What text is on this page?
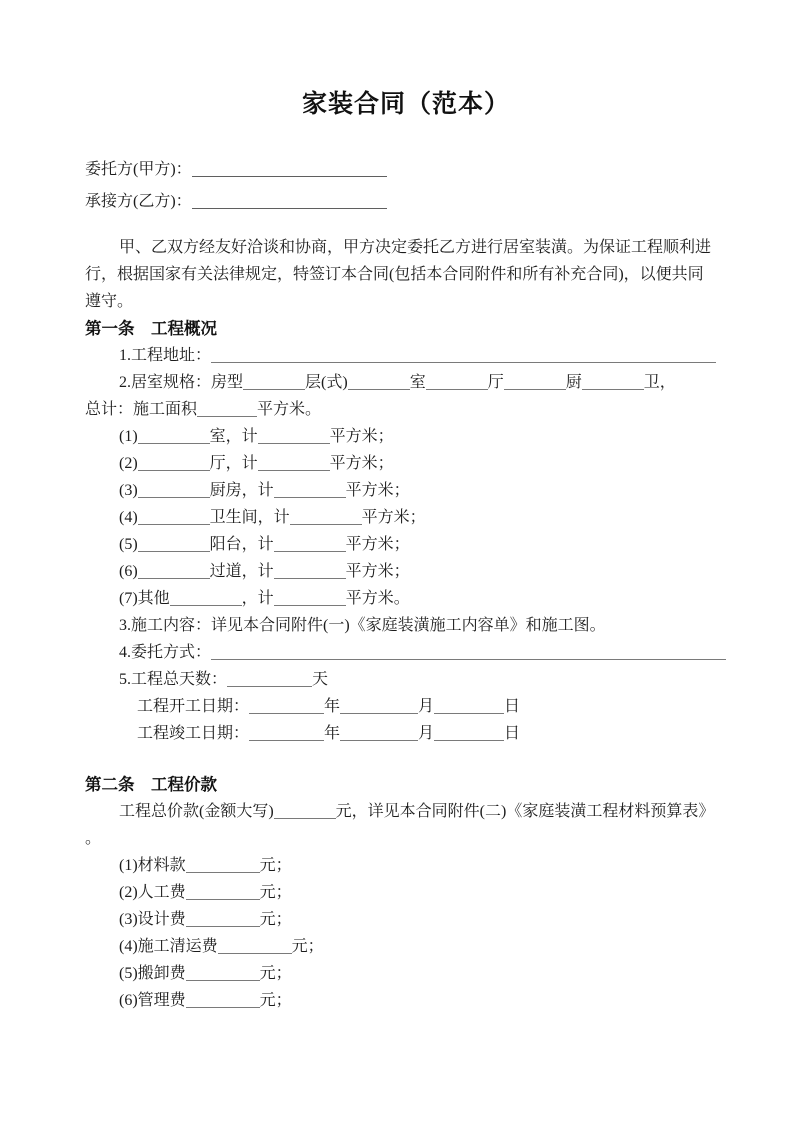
家装合同（范本）
委托方(甲方)：
承接方(乙方)：
甲、乙双方经友好洽谈和协商，甲方决定委托乙方进行居室装潢。为保证工程顺利进
行，根据国家有关法律规定，特签订本合同(包括本合同附件和所有补充合同)，以便共同
遵守。
第一条　工程概况
1.工程地址：
2.居室规格：房型	层(式)	室	厅	厨	卫，
总计：施工面积	平方米。
(1)	室，计	平方米；
(2)	厅，计	平方米；
(3)	厨房，计	平方米；
(4)	卫生间，计	平方米；
(5)	阳台，计	平方米；
(6)	过道，计	平方米；
(7)其他	，计	平方米。
3.施工内容：详见本合同附件(一)《家庭装潢施工内容单》和施工图。
4.委托方式：
5.工程总天数：	天
工程开工日期：	年	月	日
工程竣工日期：	年	月	日
第二条　工程价款
工程总价款(金额大写)	元，详见本合同附件(二)《家庭装潢工程材料预算表》
。
(1)材料款	元；
(2)人工费	元；
(3)设计费	元；
(4)施工清运费	元；
(5)搬卸费	元；
(6)管理费	元；
